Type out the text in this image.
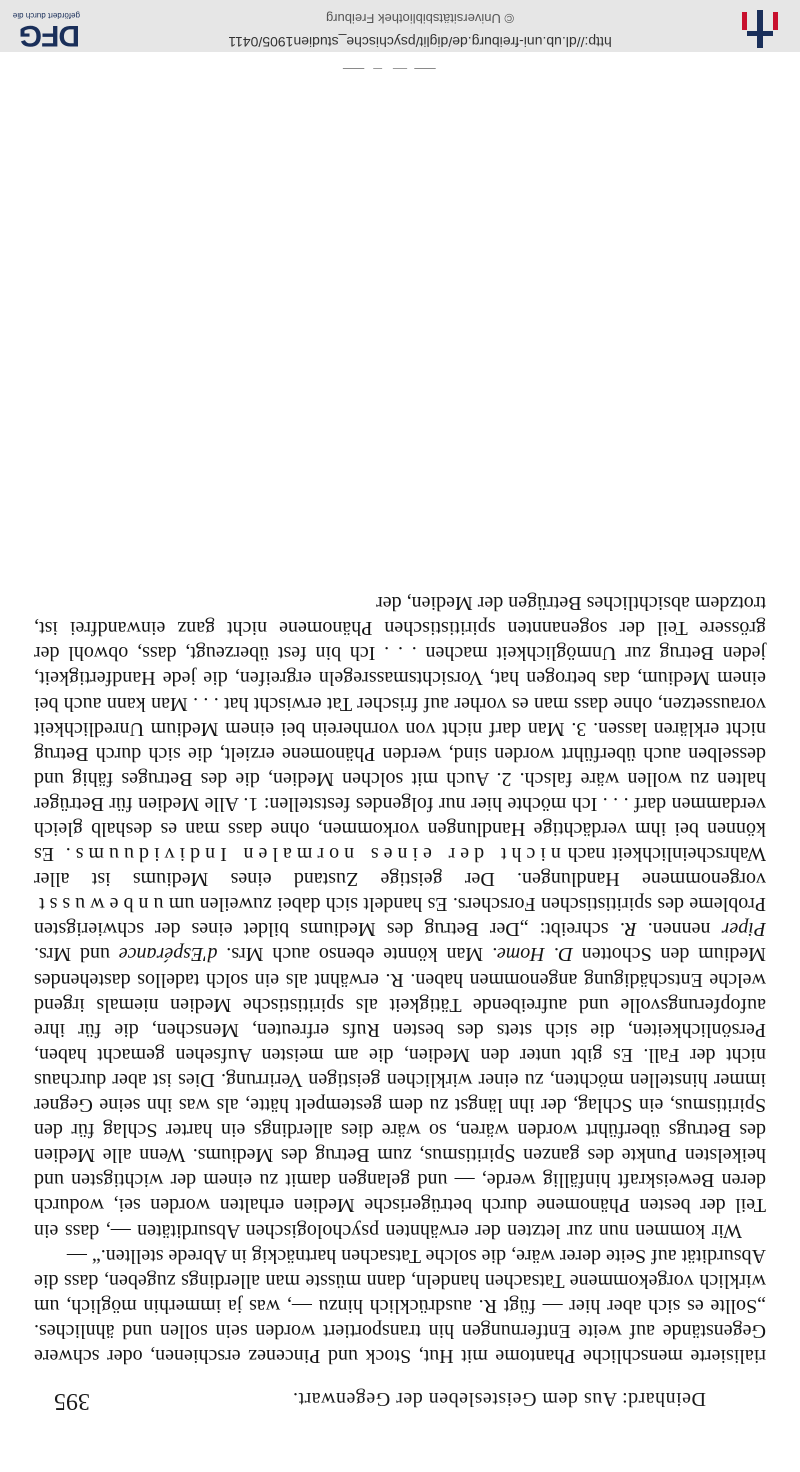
Deinhard: Aus dem Geistesleben der Gegenwart.
395

rialisierte menschliche Phantome mit Hut, Stock und Pincenez erschienen, oder schwere Gegenstände auf weite Entfernungen hin transportiert worden sein sollen und ähnliches. „Sollte es sich aber hier — fügt R. ausdrücklich hinzu —, was ja immerhin möglich, um wirklich vorgekommene Tatsachen handeln, dann müsste man allerdings zugeben, dass die Absurdität auf Seite derer wäre, die solche Tatsachen hartnäckig in Abrede stellten.“ —

Wir kommen nun zur letzten der erwähnten psychologischen Absurditäten —, dass ein Teil der besten Phänomene durch betrügerische Medien erhalten worden sei, wodurch deren Beweiskraft hinfällig werde, — und gelangen damit zu einem der wichtigsten und heikelsten Punkte des ganzen Spiritismus, zum Betrug des Mediums. Wenn alle Medien des Betrugs überführt worden wären, so wäre dies allerdings ein harter Schlag für den Spiritismus, ein Schlag, der ihn längst zu dem gestempelt hätte, als was ihn seine Gegner immer hinstellen möchten, zu einer wirklichen geistigen Verirrung. Dies ist aber durchaus nicht der Fall. Es gibt unter den Medien, die am meisten Aufsehen gemacht haben, Persönlichkeiten, die sich stets des besten Rufs erfreuten, Menschen, die für ihre aufopferungsvolle und aufreibende Tätigkeit als spiritistische Medien niemals irgend welche Entschädigung angenommen haben. R. erwähnt als ein solch tadellos dastehendes Medium den Schotten D. Home. Man könnte ebenso auch Mrs. d'Espérance und Mrs. Piper nennen. R. schreibt: „Der Betrug des Mediums bildet eines der schwierigsten Probleme des spiritistischen Forschers. Es handelt sich dabei zuweilen um unbewusst vorgenommene Handlungen. Der geistige Zustand eines Mediums ist aller Wahrscheinlichkeit nach nicht der eines normalen Individuums. Es können bei ihm verdächtige Handlungen vorkommen, ohne dass man es deshalb gleich verdammen darf . . . Ich möchte hier nur folgendes feststellen: 1. Alle Medien für Betrüger halten zu wollen wäre falsch. 2. Auch mit solchen Medien, die des Betruges fähig und desselben auch überführt worden sind, werden Phänomene erzielt, die sich durch Betrug nicht erklären lassen. 3. Man darf nicht von vornherein bei einem Medium Unredlichkeit voraussetzen, ohne dass man es vorher auf frischer Tat erwischt hat . . . Man kann auch bei einem Medium, das betrogen hat, Vorsichtsmassregeln ergreifen, die jede Handfertigkeit, jeden Betrug zur Unmöglichkeit machen . . . Ich bin fest überzeugt, dass, obwohl der grössere Teil der sogenannten spiritistischen Phänomene nicht ganz einwandfrei ist, trotzdem absichtliches Betrügen der Medien, der

http://dl.ub.uni-freiburg.de/diglit/psychische_studien1905/0411
© Universitätsbibliothek Freiburg
DFG
gefördert durch die
